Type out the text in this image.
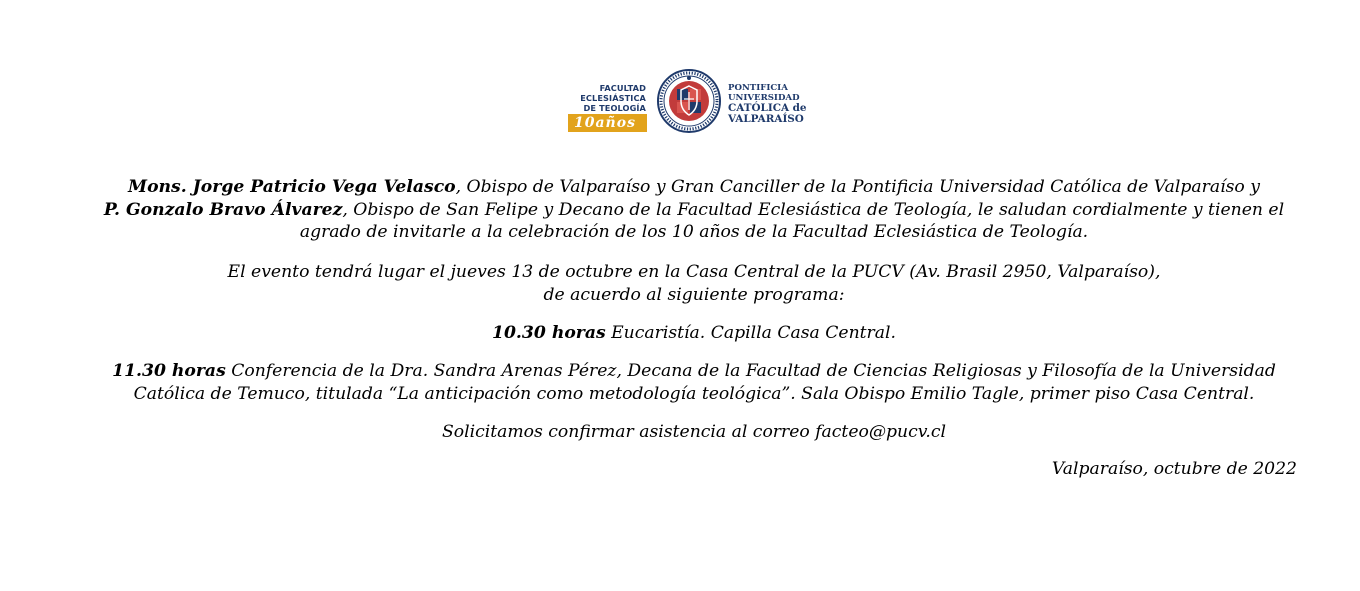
FACULTAD
ECLESIÁSTICA
DE TEOLOGÍA
10años
PONTIFICIA
UNIVERSIDAD
CATÓLICA de
VALPARAÍSO
Mons. Jorge Patricio Vega Velasco, Obispo de Valparaíso y Gran Canciller de la Pontificia Universidad Católica de Valparaíso y
P. Gonzalo Bravo Álvarez, Obispo de San Felipe y Decano de la Facultad Eclesiástica de Teología, le saludan cordialmente y tienen el
agrado de invitarle a la celebración de los 10 años de la Facultad Eclesiástica de Teología.
El evento tendrá lugar el jueves 13 de octubre en la Casa Central de la PUCV (Av. Brasil 2950, Valparaíso),
de acuerdo al siguiente programa:
10.30 horas Eucaristía. Capilla Casa Central.
11.30 horas Conferencia de la Dra. Sandra Arenas Pérez, Decana de la Facultad de Ciencias Religiosas y Filosofía de la Universidad
Católica de Temuco, titulada “La anticipación como metodología teológica”. Sala Obispo Emilio Tagle, primer piso Casa Central.
Solicitamos confirmar asistencia al correo facteo@pucv.cl
Valparaíso, octubre de 2022
